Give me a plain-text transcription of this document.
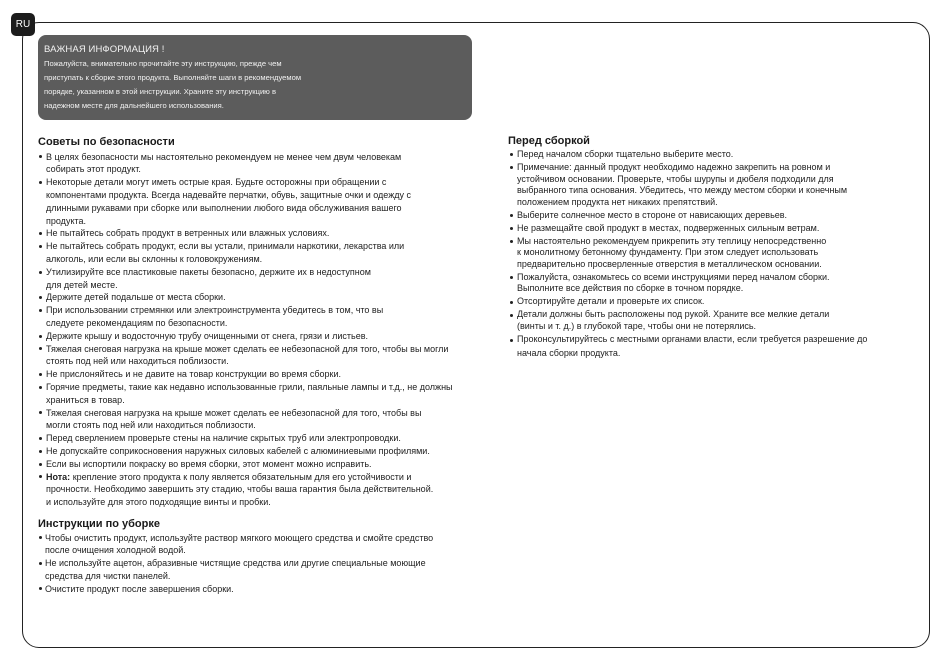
RU
ВАЖНАЯ ИНФОРМАЦИЯ !
Пожалуйста, внимательно прочитайте эту инструкцию, прежде чем
приступать к сборке этого продукта. Выполняйте шаги в рекомендуемом
порядке, указанном в этой инструкции. Храните эту инструкцию в
надежном месте для дальнейшего использования.
Советы по безопасности
В целях безопасности мы настоятельно рекомендуем не менее чем двум человекам
собирать этот продукт.
Некоторые детали могут иметь острые края. Будьте осторожны при обращении с
компонентами продукта. Всегда надевайте перчатки, обувь, защитные очки и одежду с
длинными рукавами при сборке или выполнении любого вида обслуживания вашего
продукта.
Не пытайтесь собрать продукт в ветренных или влажных условиях.
Не пытайтесь собрать продукт, если вы устали, принимали наркотики, лекарства или
алкоголь, или если вы склонны к головокружениям.
Утилизируйте все пластиковые пакеты безопасно, держите их в недоступном
для детей месте.
Держите детей подальше от места сборки.
При использовании стремянки или электроинструмента убедитесь в том, что вы
следуете рекомендациям по безопасности.
Держите крышу и водосточную трубу очищенными от снега, грязи и листьев.
Тяжелая снеговая нагрузка на крыше может сделать ее небезопасной для того, чтобы вы могли
стоять под ней или находиться поблизости.
Не прислоняйтесь и не давите на товар конструкции во время сборки.
Горячие предметы, такие как недавно использованные грили, паяльные лампы и т.д., не должны
храниться в товар.
Тяжелая снеговая нагрузка на крыше может сделать ее небезопасной для того, чтобы вы
могли стоять под ней или находиться поблизости.
Перед сверлением проверьте стены на наличие скрытых труб или электропроводки.
Не допускайте соприкосновения наружных силовых кабелей с алюминиевыми профилями.
Если вы испортили покраску во время сборки, этот момент можно исправить.
Нота: крепление этого продукта к полу является обязательным для его устойчивости и
прочности. Необходимо завершить эту стадию, чтобы ваша гарантия была действительной.
и используйте для этого подходящие винты и пробки.
Инструкции по уборке
Чтобы очистить продукт, используйте раствор мягкого моющего средства и смойте средство
после очищения холодной водой.
Не используйте ацетон, абразивные чистящие средства или другие специальные моющие
средства для чистки панелей.
Очистите продукт после завершения сборки.
Перед сборкой
Перед началом сборки тщательно выберите место.
Примечание: данный продукт необходимо надежно закрепить на ровном и
устойчивом основании. Проверьте, чтобы шурупы и дюбеля подходили для
выбранного типа основания. Убедитесь, что между местом сборки и конечным
положением продукта нет никаких препятствий.
Выберите солнечное место в стороне от нависающих деревьев.
Не размещайте свой продукт в местах, подверженных сильным ветрам.
Мы настоятельно рекомендуем прикрепить эту теплицу непосредственно
к монолитному бетонному фундаменту. При этом следует использовать
предварительно просверленные отверстия в металлическом основании.
Пожалуйста, ознакомьтесь со всеми инструкциями перед началом сборки.
Выполните все действия по сборке в точном порядке.
Отсортируйте детали и проверьте их список.
Детали должны быть расположены под рукой. Храните все мелкие детали
(винты и т. д.) в глубокой таре, чтобы они не потерялись.
Проконсультируйтесь с местными органами власти, если требуется разрешение до
начала сборки продукта.
